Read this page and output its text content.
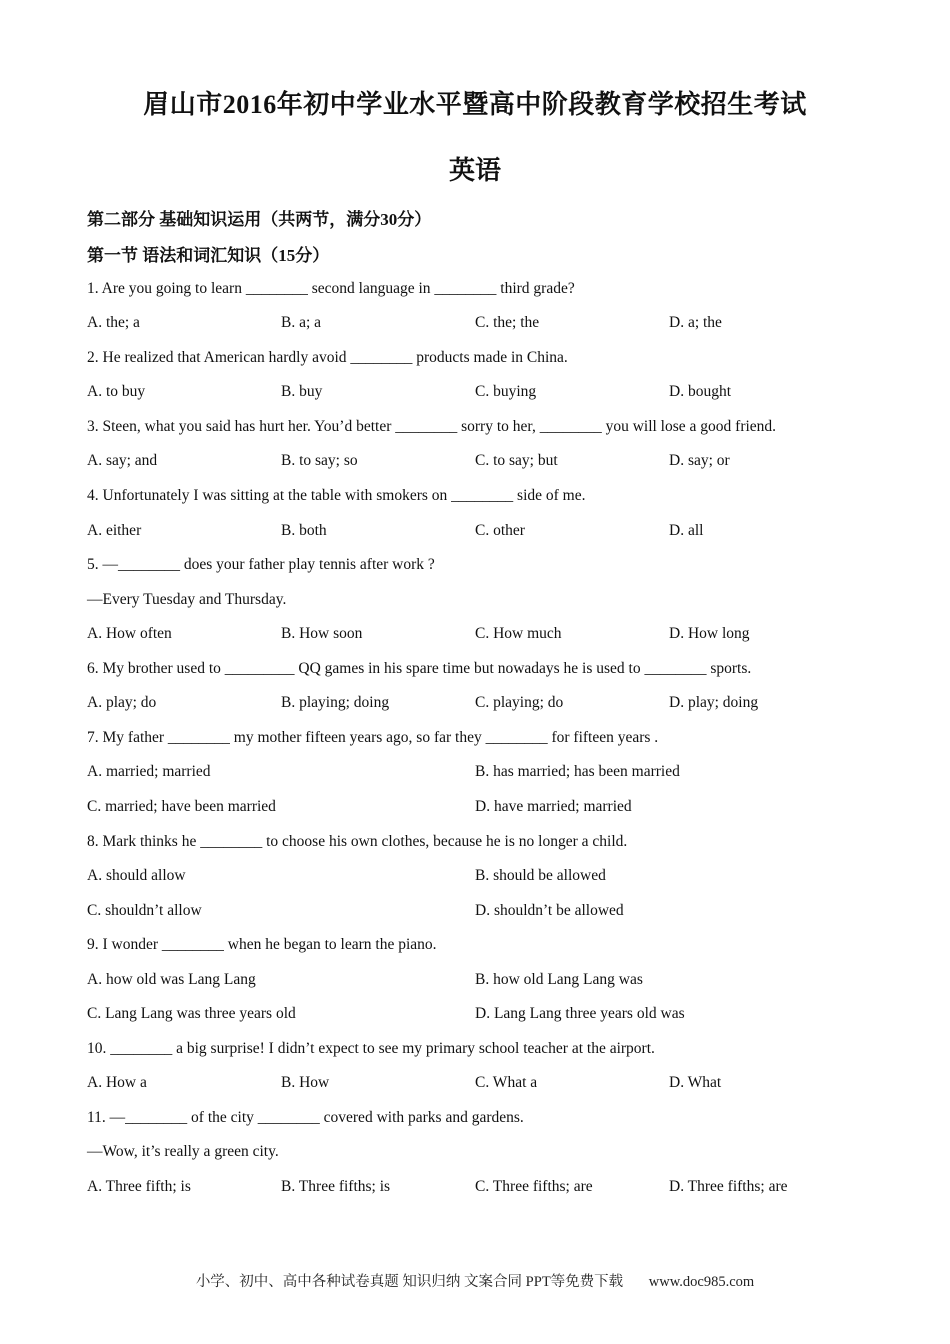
眉山市2016年初中学业水平暨高中阶段教育学校招生考试
英语
第二部分 基础知识运用（共两节，满分30分）
第一节 语法和词汇知识（15分）
1. Are you going to learn ________ second language in ________ third grade?
A. the; a	B. a; a	C. the; the	D. a; the
2. He realized that American hardly avoid ________ products made in China.
A. to buy	B. buy	C. buying	D. bought
3. Steen, what you said has hurt her. You’d better ________ sorry to her, ________ you will lose a good friend.
A. say; and	B. to say; so	C. to say; but	D. say; or
4. Unfortunately I was sitting at the table with smokers on ________ side of me.
A. either	B. both	C. other	D. all
5. —________ does your father play tennis after work ?
—Every Tuesday and Thursday.
A. How often	B. How soon	C. How much	D. How long
6. My brother used to _________ QQ games in his spare time but nowadays he is used to ________ sports.
A. play; do	B. playing; doing	C. playing; do	D. play; doing
7. My father ________ my mother fifteen years ago, so far they ________ for fifteen years .
A. married; married	B. has married; has been married
C. married; have been married	D. have married; married
8. Mark thinks he ________ to choose his own clothes, because he is no longer a child.
A. should allow	B. should be allowed
C. shouldn’t allow	D. shouldn’t be allowed
9. I wonder ________ when he began to learn the piano.
A. how old was Lang Lang	B. how old Lang Lang was
C. Lang Lang was three years old	D. Lang Lang three years old was
10. ________ a big surprise! I didn’t expect to see my primary school teacher at the airport.
A. How a	B. How	C. What a	D. What
11. —________ of the city ________ covered with parks and gardens.
—Wow, it’s really a green city.
A. Three fifth; is	B. Three fifths; is	C. Three fifths; are	D. Three fifths; are
小学、初中、高中各种试卷真题 知识归纳 文案合同 PPT等免费下载 www.doc985.com
